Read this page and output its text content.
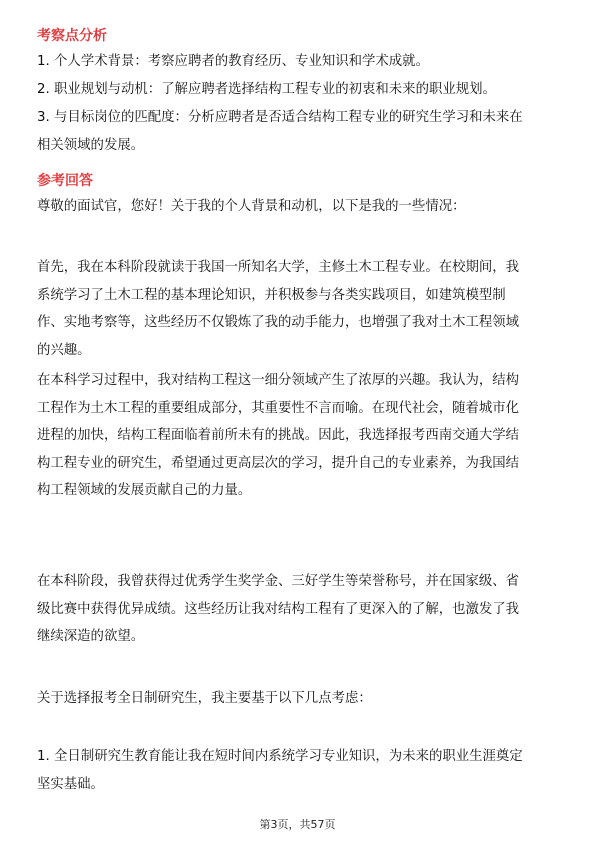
考察点分析
1. 个人学术背景：考察应聘者的教育经历、专业知识和学术成就。
2. 职业规划与动机：了解应聘者选择结构工程专业的初衷和未来的职业规划。
3. 与目标岗位的匹配度：分析应聘者是否适合结构工程专业的研究生学习和未来在
相关领域的发展。
参考回答
尊敬的面试官，您好！关于我的个人背景和动机，以下是我的一些情况：
首先，我在本科阶段就读于我国一所知名大学，主修土木工程专业。在校期间，我
系统学习了土木工程的基本理论知识，并积极参与各类实践项目，如建筑模型制
作、实地考察等，这些经历不仅锻炼了我的动手能力，也增强了我对土木工程领域
的兴趣。
在本科学习过程中，我对结构工程这一细分领域产生了浓厚的兴趣。我认为，结构
工程作为土木工程的重要组成部分，其重要性不言而喻。在现代社会，随着城市化
进程的加快，结构工程面临着前所未有的挑战。因此，我选择报考西南交通大学结
构工程专业的研究生，希望通过更高层次的学习，提升自己的专业素养，为我国结
构工程领域的发展贡献自己的力量。
在本科阶段，我曾获得过优秀学生奖学金、三好学生等荣誉称号，并在国家级、省
级比赛中获得优异成绩。这些经历让我对结构工程有了更深入的了解，也激发了我
继续深造的欲望。
关于选择报考全日制研究生，我主要基于以下几点考虑：
1. 全日制研究生教育能让我在短时间内系统学习专业知识，为未来的职业生涯奠定
坚实基础。
第3页，共57页
